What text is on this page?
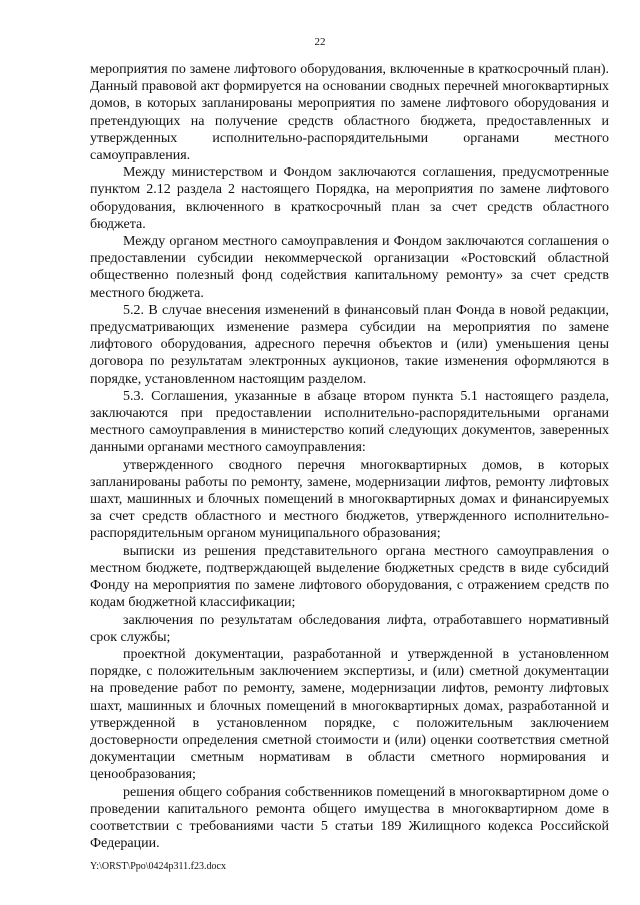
22

мероприятия по замене лифтового оборудования, включенные в краткосрочный план). Данный правовой акт формируется на основании сводных перечней многоквартирных домов, в которых запланированы мероприятия по замене лифтового оборудования и претендующих на получение средств областного бюджета, предоставленных и утвержденных исполнительно-распорядительными органами местного самоуправления.

Между министерством и Фондом заключаются соглашения, предусмотренные пунктом 2.12 раздела 2 настоящего Порядка, на мероприятия по замене лифтового оборудования, включенного в краткосрочный план за счет средств областного бюджета.

Между органом местного самоуправления и Фондом заключаются соглашения о предоставлении субсидии некоммерческой организации «Ростовский областной общественно полезный фонд содействия капитальному ремонту» за счет средств местного бюджета.

5.2. В случае внесения изменений в финансовый план Фонда в новой редакции, предусматривающих изменение размера субсидии на мероприятия по замене лифтового оборудования, адресного перечня объектов и (или) уменьшения цены договора по результатам электронных аукционов, такие изменения оформляются в порядке, установленном настоящим разделом.

5.3. Соглашения, указанные в абзаце втором пункта 5.1 настоящего раздела, заключаются при предоставлении исполнительно-распорядительными органами местного самоуправления в министерство копий следующих документов, заверенных данными органами местного самоуправления:

утвержденного сводного перечня многоквартирных домов, в которых запланированы работы по ремонту, замене, модернизации лифтов, ремонту лифтовых шахт, машинных и блочных помещений в многоквартирных домах и финансируемых за счет средств областного и местного бюджетов, утвержденного исполнительно-распорядительным органом муниципального образования;

выписки из решения представительного органа местного самоуправления о местном бюджете, подтверждающей выделение бюджетных средств в виде субсидий Фонду на мероприятия по замене лифтового оборудования, с отражением средств по кодам бюджетной классификации;

заключения по результатам обследования лифта, отработавшего нормативный срок службы;

проектной документации, разработанной и утвержденной в установленном порядке, с положительным заключением экспертизы, и (или) сметной документации на проведение работ по ремонту, замене, модернизации лифтов, ремонту лифтовых шахт, машинных и блочных помещений в многоквартирных домах, разработанной и утвержденной в установленном порядке, с положительным заключением достоверности определения сметной стоимости и (или) оценки соответствия сметной документации сметным нормативам в области сметного нормирования и ценообразования;

решения общего собрания собственников помещений в многоквартирном доме о проведении капитального ремонта общего имущества в многоквартирном доме в соответствии с требованиями части 5 статьи 189 Жилищного кодекса Российской Федерации.

Y:\ORST\Ppo\0424p311.f23.docx
